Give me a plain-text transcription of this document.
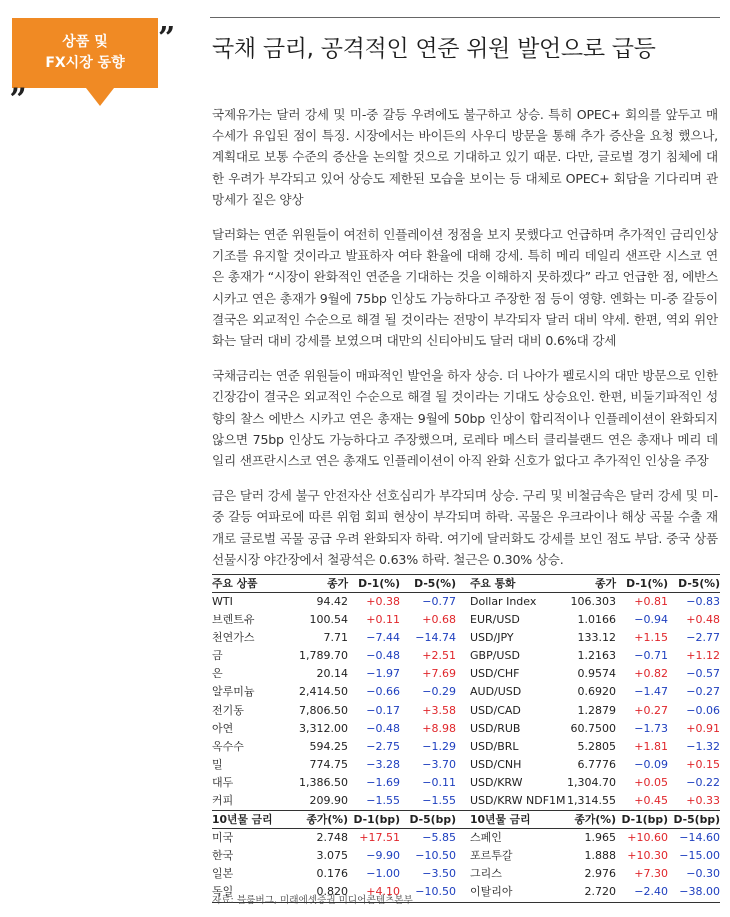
상품 및
FX시장 동향
„
” 국채 금리, 공격적인 연준 위원 발언으로 급등

국제유가는 달러 강세 및 미-중 갈등 우려에도 불구하고 상승. 특히 OPEC+ 회의를 앞두고 매수세가 유입된 점이 특징. 시장에서는 바이든의 사우디 방문을 통해 추가 증산을 요청 했으나, 계획대로 보통 수준의 증산을 논의할 것으로 기대하고 있기 때문. 다만, 글로벌 경기 침체에 대한 우려가 부각되고 있어 상승도 제한된 모습을 보이는 등 대체로 OPEC+ 회담을 기다리며 관망세가 짙은 양상

달러화는 연준 위원들이 여전히 인플레이션 정점을 보지 못했다고 언급하며 추가적인 금리인상 기조를 유지할 것이라고 발표하자 여타 환율에 대해 강세. 특히 메리 데일리 샌프란 시스코 연은 총재가 “시장이 완화적인 연준을 기대하는 것을 이해하지 못하겠다” 라고 언급한 점, 에반스 시카고 연은 총재가 9월에 75bp 인상도 가능하다고 주장한 점 등이 영향. 엔화는 미-중 갈등이 결국은 외교적인 수순으로 해결 될 것이라는 전망이 부각되자 달러 대비 약세. 한편, 역외 위안화는 달러 대비 강세를 보였으며 대만의 신티아비도 달러 대비 0.6%대 강세

국채금리는 연준 위원들이 매파적인 발언을 하자 상승. 더 나아가 펠로시의 대만 방문으로 인한 긴장감이 결국은 외교적인 수순으로 해결 될 것이라는 기대도 상승요인. 한편, 비둘기파적인 성향의 찰스 에반스 시카고 연은 총재는 9월에 50bp 인상이 합리적이나 인플레이션이 완화되지 않으면 75bp 인상도 가능하다고 주장했으며, 로레타 메스터 클리블랜드 연은 총재나 메리 데일리 샌프란시스코 연은 총재도 인플레이션이 아직 완화 신호가 없다고 추가적인 인상을 주장

금은 달러 강세 불구 안전자산 선호심리가 부각되며 상승. 구리 및 비철금속은 달러 강세 및 미-중 갈등 여파로에 따른 위험 회피 현상이 부각되며 하락. 곡물은 우크라이나 해상 곡물 수출 재개로 글로벌 곡물 공급 우려 완화되자 하락. 여기에 달러화도 강세를 보인 점도 부담. 중국 상품선물시장 야간장에서 철광석은 0.63% 하락. 철근은 0.30% 상승.

주요 상품	종가 D-1(%)	D-5(%)	주요 통화	종가 D-1(%) D-5(%)
WTI	94.42	+0.38	−0.77	Dollar Index	106.303	+0.81	−0.83
브렌트유	100.54	+0.11	+0.68	EUR/USD	1.0166	−0.94	+0.48
천연가스	7.71	−7.44	−14.74	USD/JPY	133.12	+1.15	−2.77
금	1,789.70	−0.48	+2.51	GBP/USD	1.2163	−0.71	+1.12
은	20.14	−1.97	+7.69	USD/CHF	0.9574	+0.82	−0.57
알루미늄	2,414.50	−0.66	−0.29	AUD/USD	0.6920	−1.47	−0.27
전기동	7,806.50	−0.17	+3.58	USD/CAD	1.2879	+0.27	−0.06
아연	3,312.00	−0.48	+8.98	USD/RUB	60.7500	−1.73	+0.91
옥수수	594.25	−2.75	−1.29	USD/BRL	5.2805	+1.81	−1.32
밀	774.75	−3.28	−3.70	USD/CNH	6.7776	−0.09	+0.15
대두	1,386.50	−1.69	−0.11	USD/KRW	1,304.70	+0.05	−0.22
커피	209.90	−1.55	−1.55	USD/KRW NDF1M 1,314.55	+0.45	+0.33
10년물 금리	종가(%) D-1(bp) D-5(bp)	10년물 금리	종가(%) D-1(bp) D-5(bp)
미국	2.748	+17.51	−5.85	스페인	1.965	+10.60	−14.60
한국	3.075	−9.90	−10.50	포르투갈	1.888	+10.30	−15.00
일본	0.176	−1.00	−3.50	그리스	2.976	+7.30	−0.30
독일	0.820	+4.10	−10.50	이탈리아	2.720	−2.40	−38.00
자료: 블룸버그, 미래에셋증권 미디어콘텐츠본부
